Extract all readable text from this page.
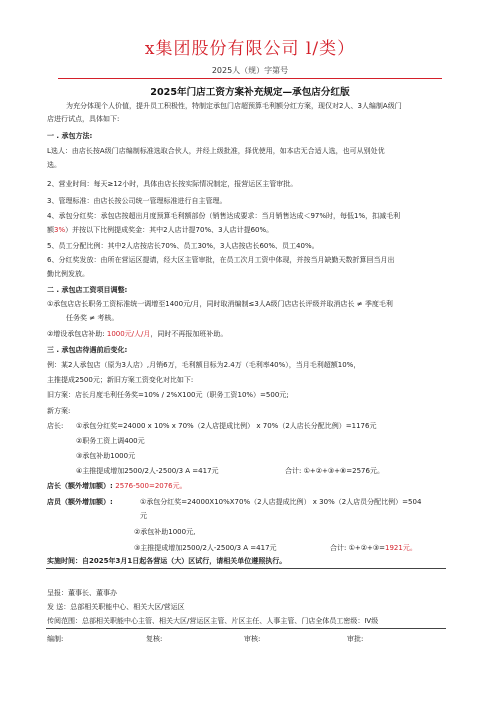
x集团股份有限公司 l/类）
2025人（规）字第号
2025年门店工资方案补充规定—承包店分红版
为充分体现个人价值，提升员工积极性，特制定承包门店超预算毛利额分红方案，现仅对2人、3人编制A级门
店进行试点，具体如下:
一 . 承包方法:
L选人：由店长按A级门店编制标准选取合伙人，并经上级批准，择优使用，如本店无合适人选，也可从别处优
选。
2、营业时间：每天≥12小时，具体由店长按实际情况制定，报营运区主管审批。
3、管理标准：由店长按公司统一管理标准进行自主管理。
4、承包分红奖：承包店按超出月度预算毛利额部份（销售达成要求：当月销售达成＜97%时，每低1%，扣减毛利
额3%）并按以下比例提成奖金：其中2人店计提70%、3人店计提60%。
5、员工分配比例：其中2人店按店长70%、员工30%，3人店按店长60%、员工40%。
6、分红奖发放：由所在营运区提请，经大区主管审批，在员工次月工资中体现，并按当月缺勤天数折算回当月出
勤比例发放。
二 . 承包店工资项目调整:
①承包店店长职务工资标准统一调增至1400元/月，同时取消编制≤3人A级门店店长评级并取消店长 ≠ 季度毛利
任务奖 ≠ 考核。
②增设承包店补助: 1000元/人/月，同时不再报加班补助。
三 . 承包店待遇前后变化:
例：某2人承包店（原为3人店）,月销6万，毛利额目标为2.4万（毛利率40%），当月毛利超额10%，
主推提成2500元；新旧方案工资变化对比如下:
旧方案：店长月度毛利任务奖=10% / 2%X100元（职务工资10%）=500元;
新方案:
店长: ①承包分红奖=24000 x 10% x 70%（2人店提成比例） x 70%（2人店长分配比例）=1176元
②职务工资上调400元
③承包补助1000元
④主推提成增加2500/2人-2500/3 A =417元	合计: ①+②+③+⑧=2576元。
店长（额外增加额）: 2576-500=2076元。
店员（额外增加额）:	①承包分红奖=24000X10%X70%（2人店提成比例） x 30%（2人店员分配比例）=504
元
②承包补助1000元,
③主推提成增加2500/2人-2500/3 A =417元	合计: ①+②+③=1921元。
实施时间：自2025年3月1日起各营运（大）区试行，请相关单位遵照执行。
呈报：董事长、董事办
发 送：总部相关职能中心、相关大区/营运区
传阅范围：总部相关职能中心主管、相关大区/营运区主管、片区主任、人事主管、门店全体员工密级：IV级
编制:	复核:	审核:	审批:
